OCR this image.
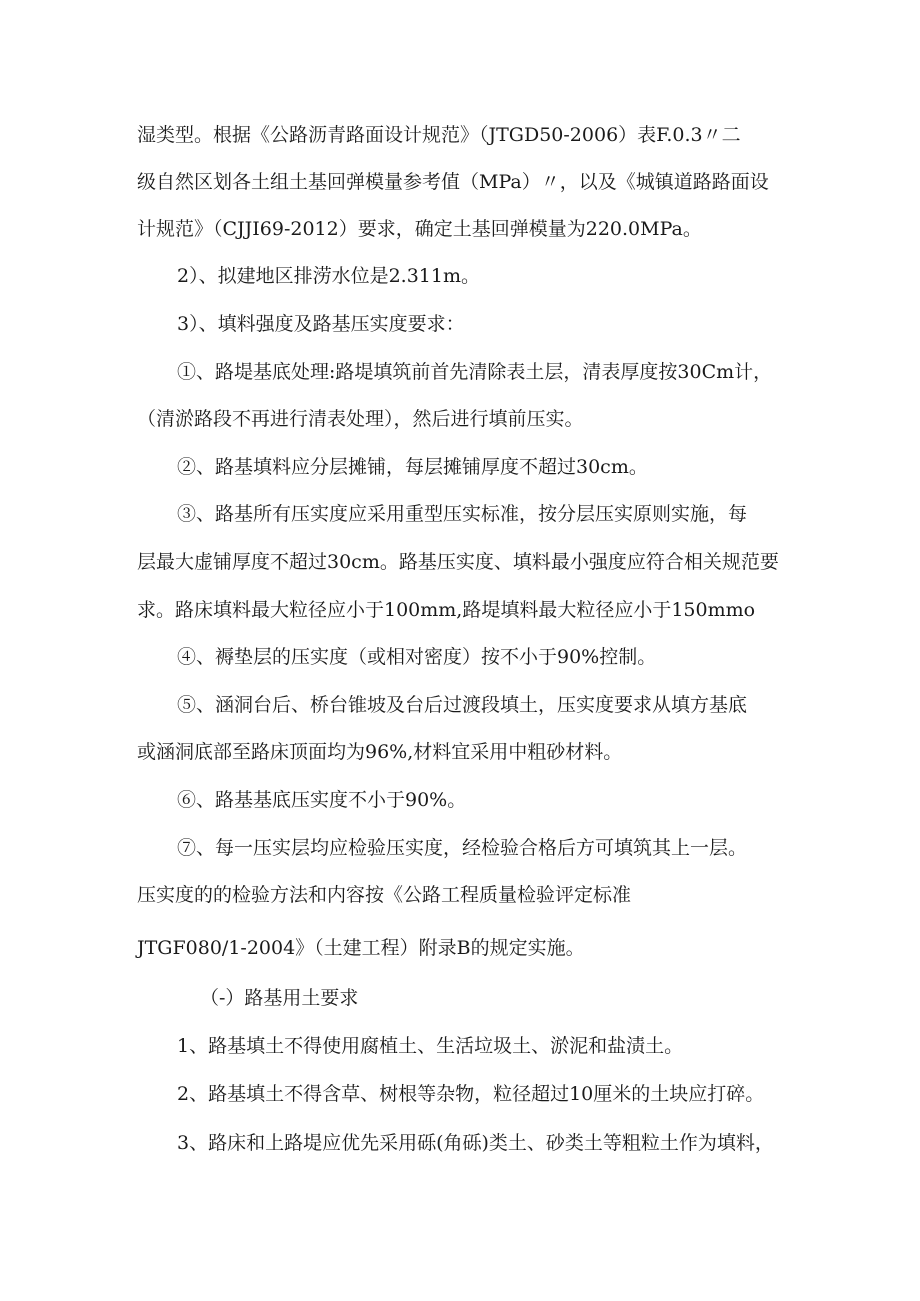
湿类型。根据《公路沥青路面设计规范》（JTGD50-2006）表F.0.3〃二
级自然区划各土组土基回弹模量参考值（MPa）〃，以及《城镇道路路面设
计规范》（CJJI69-2012）要求，确定土基回弹模量为220.0MPa。
2）、拟建地区排涝水位是2.311m。
3）、填料强度及路基压实度要求：
①、路堤基底处理:路堤填筑前首先清除表土层，清表厚度按30Cm计，
（清淤路段不再进行清表处理），然后进行填前压实。
②、路基填料应分层摊铺，每层摊铺厚度不超过30cm。
③、路基所有压实度应采用重型压实标准，按分层压实原则实施，每
层最大虚铺厚度不超过30cm。路基压实度、填料最小强度应符合相关规范要
求。路床填料最大粒径应小于100mm,路堤填料最大粒径应小于150mmo
④、褥垫层的压实度（或相对密度）按不小于90%控制。
⑤、涵洞台后、桥台锥坡及台后过渡段填土，压实度要求从填方基底
或涵洞底部至路床顶面均为96%,材料宜采用中粗砂材料。
⑥、路基基底压实度不小于90%。
⑦、每一压实层均应检验压实度，经检验合格后方可填筑其上一层。
压实度的的检验方法和内容按《公路工程质量检验评定标准
JTGF080/1-2004》（土建工程）附录B的规定实施。
（-）路基用土要求
1、路基填土不得使用腐植土、生活垃圾土、淤泥和盐渍土。
2、路基填土不得含草、树根等杂物，粒径超过10厘米的土块应打碎。
3、路床和上路堤应优先采用砾(角砾)类土、砂类土等粗粒土作为填料，
